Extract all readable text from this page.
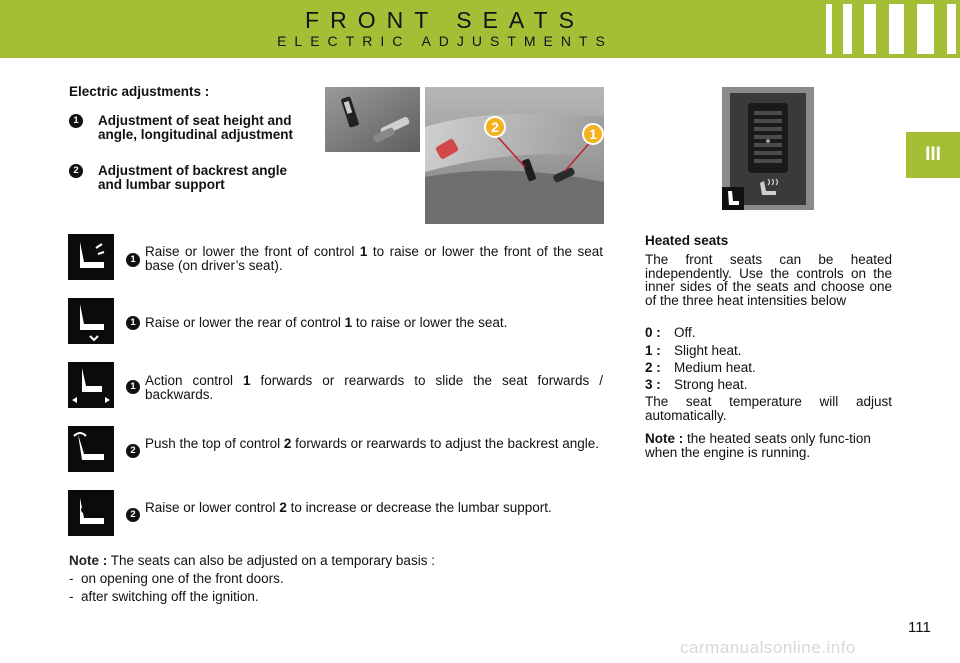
FRONT SEATS
ELECTRIC ADJUSTMENTS
III
Electric adjustments :
1	Adjustment of seat height and angle, longitudinal adjustment
2	Adjustment of backrest angle and lumbar support
2	1
1
Raise or lower the front of control 1 to raise or lower the front of the seat base (on driver’s seat).
1 Raise or lower the rear of control 1 to raise or lower the seat.
1 Action control 1 forwards or rearwards to slide the seat forwards / backwards.
2 Push the top of control 2 forwards or rearwards to adjust the backrest angle.
2 Raise or lower control 2 to increase or decrease the lumbar support.
Note : The seats can also be adjusted on a temporary basis :
- on opening one of the front doors.
- after switching off the ignition.
Heated seats
The front seats can be heated independently. Use the controls on the inner sides of the seats and choose one of the three heat intensities below
0 : Off.
1 : Slight heat.
2 : Medium heat.
3 : Strong heat.
The seat temperature will adjust automatically.
Note : the heated seats only func-tion when the engine is running.
111
carmanualsonline.info
